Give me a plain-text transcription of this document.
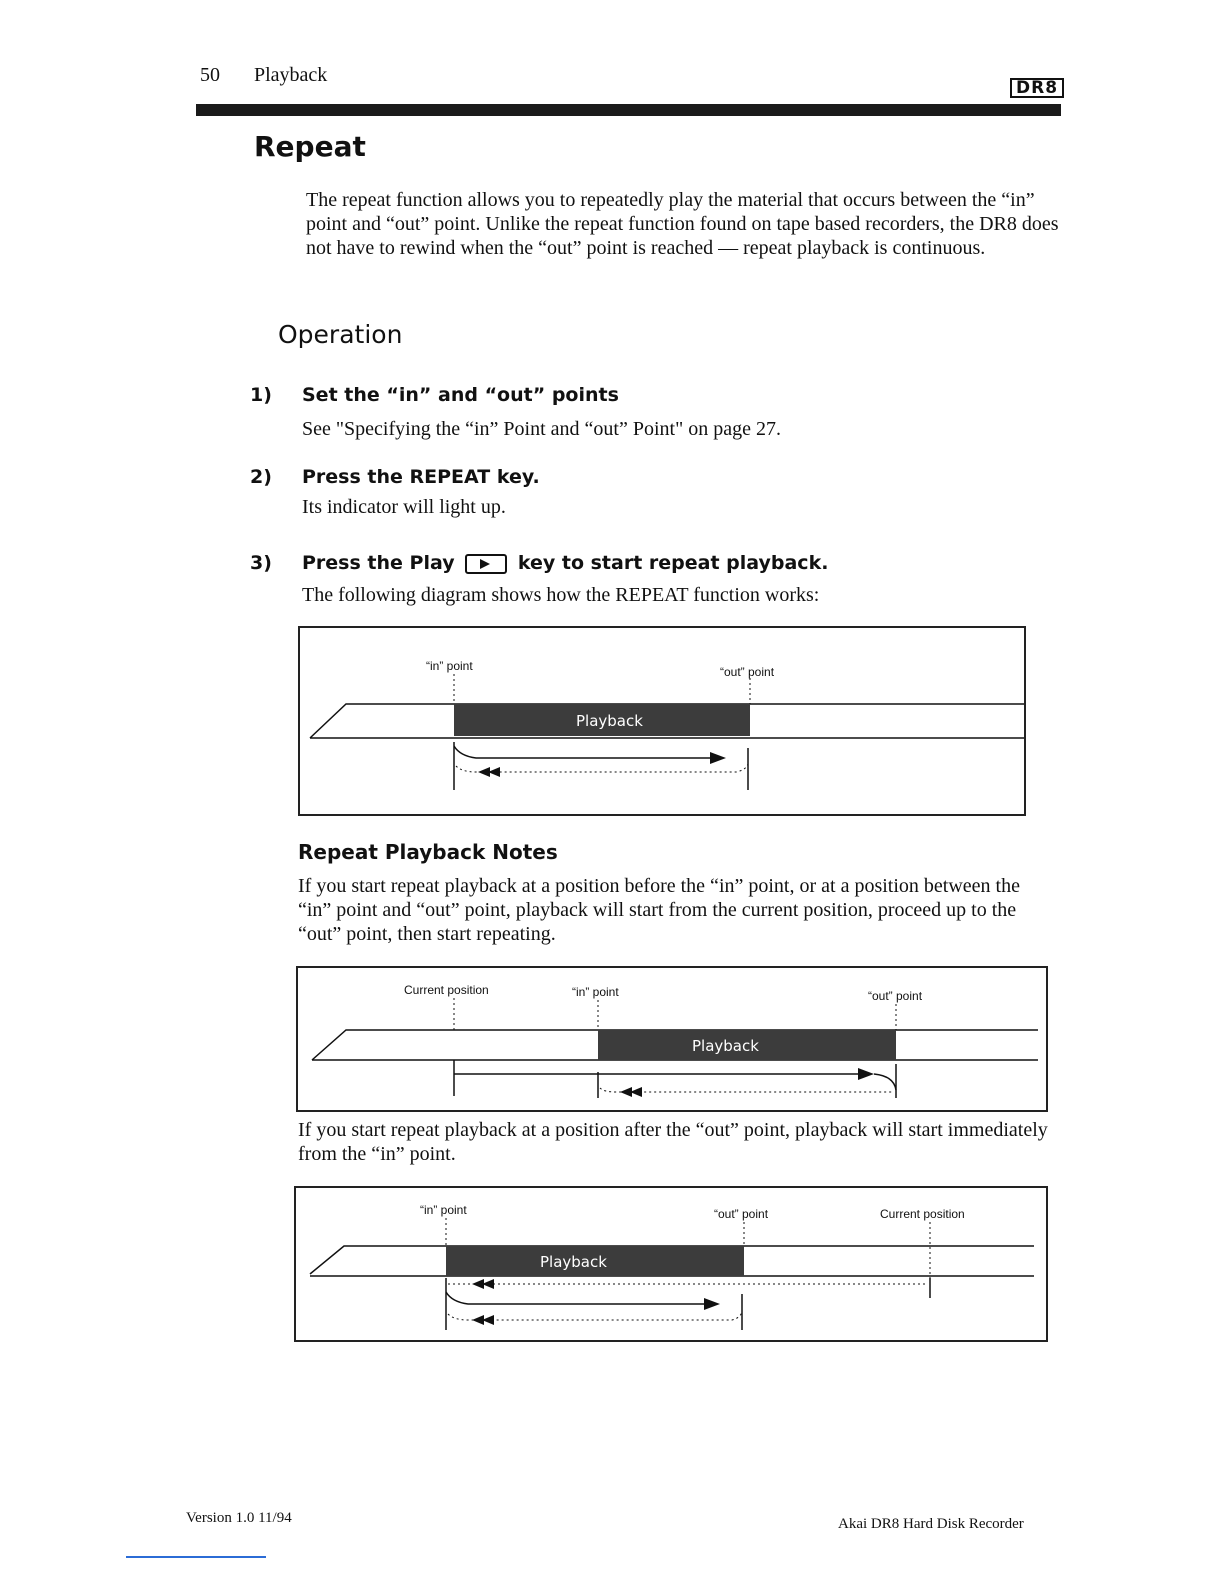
50 Playback
DR8
Repeat

The repeat function allows you to repeatedly play the material that occurs between the “in” point and “out” point. Unlike the repeat function found on tape based recorders, the DR8 does not have to rewind when the “out” point is reached — repeat playback is continuous.

Operation
1) Set the “in” and “out” points
See "Specifying the “in” Point and “out” Point" on page 27.
2) Press the REPEAT key.
Its indicator will light up.
3) Press the Play	key to start repeat playback.
The following diagram shows how the REPEAT function works:
“in” point	“out” point
Playback
Repeat Playback Notes

If you start repeat playback at a position before the “in” point, or at a position between the “in” point and “out” point, playback will start from the current position, proceed up to the “out” point, then start repeating.

Current position	“in” point	“out” point
Playback

If you start repeat playback at a position after the “out” point, playback will start immediately from the “in” point.

“in” point	“out” point	Current position
Playback
Version 1.0 11/94	Akai DR8 Hard Disk Recorder
